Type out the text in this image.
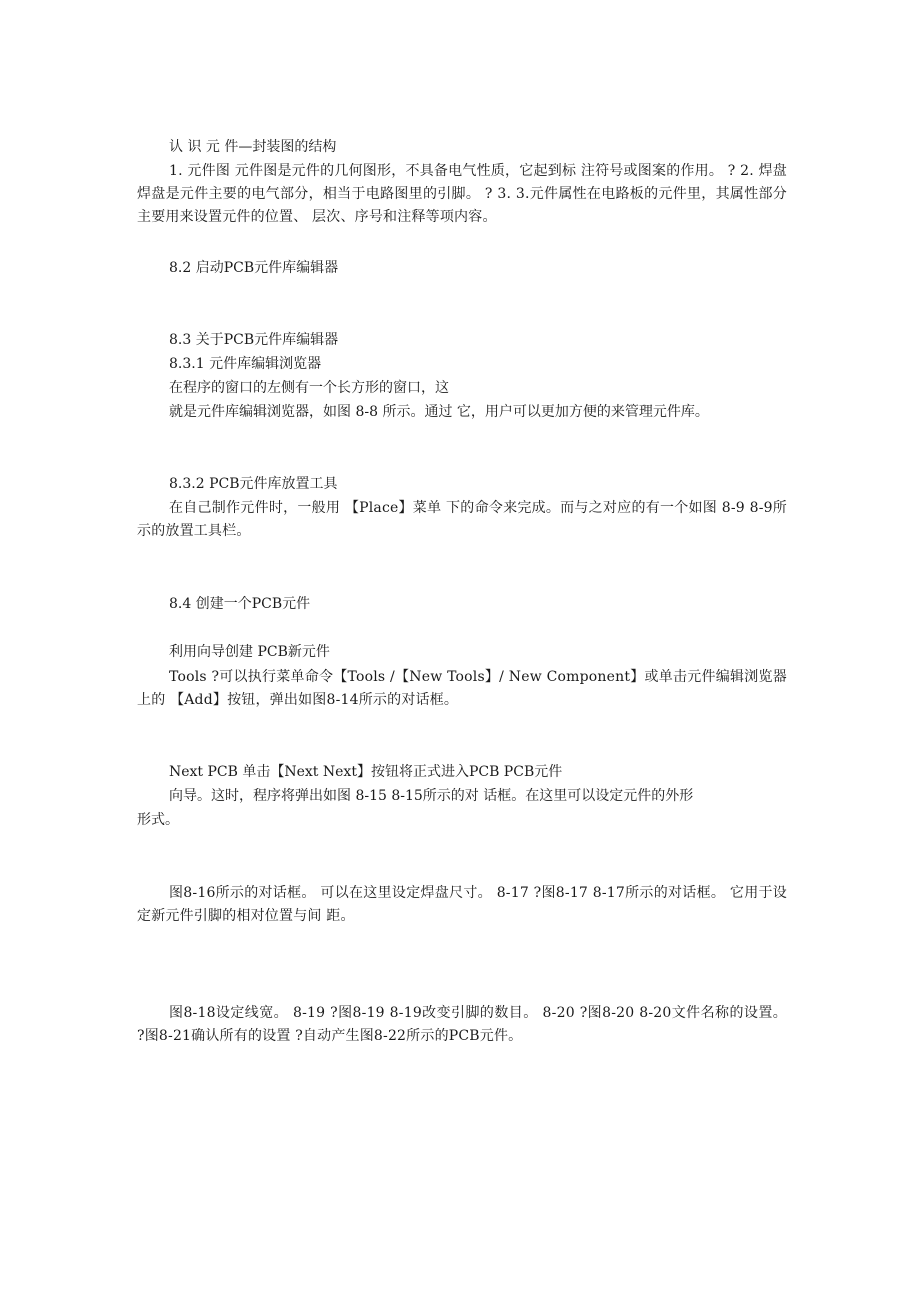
认 识 元 件—封装图的结构

1. 元件图 元件图是元件的几何图形，不具备电气性质，它起到标 注符号或图案的作用。 ? 2. 焊盘 焊盘是元件主要的电气部分，相当于电路图里的引脚。 ? 3. 3.元件属性在电路板的元件里，其属性部分主要用来设置元件的位置、 层次、序号和注释等项内容。

8.2 启动PCB元件库编辑器

8.3 关于PCB元件库编辑器

8.3.1 元件库编辑浏览器

在程序的窗口的左侧有一个长方形的窗口，这

就是元件库编辑浏览器，如图 8-8 所示。通过 它，用户可以更加方便的来管理元件库。

8.3.2 PCB元件库放置工具

在自己制作元件时，一般用 【Place】菜单 下的命令来完成。而与之对应的有一个如图 8-9 8-9所示的放置工具栏。

8.4 创建一个PCB元件

利用向导创建 PCB新元件

Tools ?可以执行菜单命令【Tools /【New Tools】/ New Component】或单击元件编辑浏览器上的 【Add】按钮，弹出如图8-14所示的对话框。

Next PCB 单击【Next Next】按钮将正式进入PCB PCB元件

向导。这时，程序将弹出如图 8-15 8-15所示的对 话框。在这里可以设定元件的外形

形式。

图8-16所示的对话框。 可以在这里设定焊盘尺寸。 8-17 ?图8-17 8-17所示的对话框。 它用于设定新元件引脚的相对位置与间 距。

图8-18设定线宽。 8-19 ?图8-19 8-19改变引脚的数目。 8-20 ?图8-20 8-20文件名称的设置。 ?图8-21确认所有的设置 ?自动产生图8-22所示的PCB元件。
